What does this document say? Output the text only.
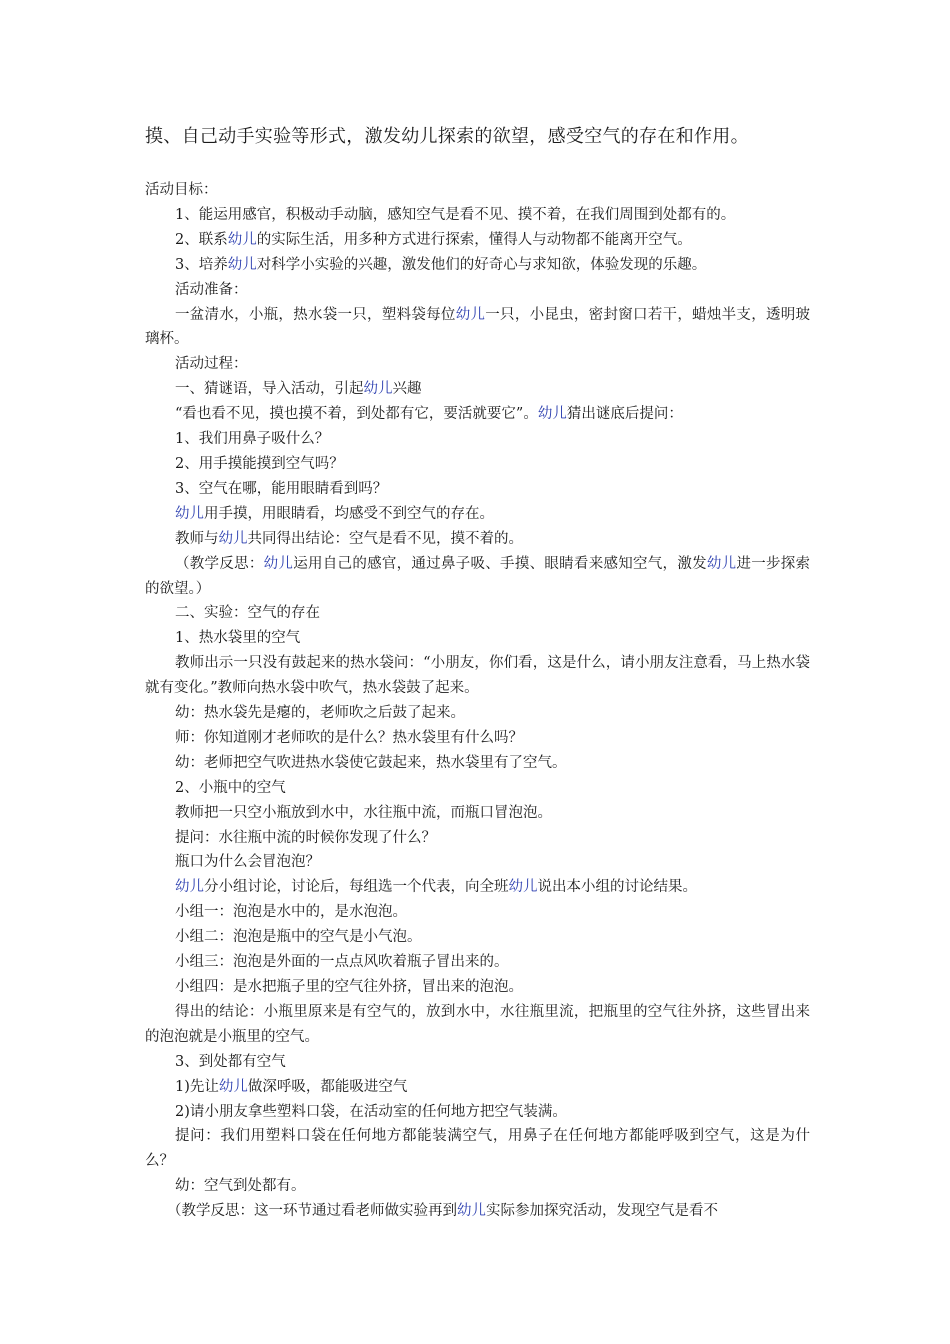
摸、自己动手实验等形式，激发幼儿探索的欲望，感受空气的存在和作用。
活动目标：
1、能运用感官，积极动手动脑，感知空气是看不见、摸不着，在我们周围到处都有的。
2、联系幼儿的实际生活，用多种方式进行探索，懂得人与动物都不能离开空气。
3、培养幼儿对科学小实验的兴趣，激发他们的好奇心与求知欲，体验发现的乐趣。
活动准备：
一盆清水，小瓶，热水袋一只，塑料袋每位幼儿一只，小昆虫，密封窗口若干，蜡烛半支，透明玻璃杯。
活动过程：
一、猜谜语，导入活动，引起幼儿兴趣
“看也看不见，摸也摸不着，到处都有它，要活就要它”。幼儿猜出谜底后提问：
1、我们用鼻子吸什么？
2、用手摸能摸到空气吗？
3、空气在哪，能用眼睛看到吗？
幼儿用手摸，用眼睛看，均感受不到空气的存在。
教师与幼儿共同得出结论：空气是看不见，摸不着的。
（教学反思：幼儿运用自己的感官，通过鼻子吸、手摸、眼睛看来感知空气，激发幼儿进一步探索的欲望。）
二、实验：空气的存在
1、热水袋里的空气
教师出示一只没有鼓起来的热水袋问：“小朋友，你们看，这是什么，请小朋友注意看，马上热水袋就有变化。”教师向热水袋中吹气，热水袋鼓了起来。
幼：热水袋先是瘪的，老师吹之后鼓了起来。
师：你知道刚才老师吹的是什么？热水袋里有什么吗？
幼：老师把空气吹进热水袋使它鼓起来，热水袋里有了空气。
2、小瓶中的空气
教师把一只空小瓶放到水中，水往瓶中流，而瓶口冒泡泡。
提问：水往瓶中流的时候你发现了什么？
瓶口为什么会冒泡泡？
幼儿分小组讨论，讨论后，每组选一个代表，向全班幼儿说出本小组的讨论结果。
小组一：泡泡是水中的，是水泡泡。
小组二：泡泡是瓶中的空气是小气泡。
小组三：泡泡是外面的一点点风吹着瓶子冒出来的。
小组四：是水把瓶子里的空气往外挤，冒出来的泡泡。
得出的结论：小瓶里原来是有空气的，放到水中，水往瓶里流，把瓶里的空气往外挤，这些冒出来的泡泡就是小瓶里的空气。
3、到处都有空气
1)先让幼儿做深呼吸，都能吸进空气
2)请小朋友拿些塑料口袋，在活动室的任何地方把空气装满。
提问：我们用塑料口袋在任何地方都能装满空气，用鼻子在任何地方都能呼吸到空气，这是为什么？
幼：空气到处都有。
（教学反思：这一环节通过看老师做实验再到幼儿实际参加探究活动，发现空气是看不
